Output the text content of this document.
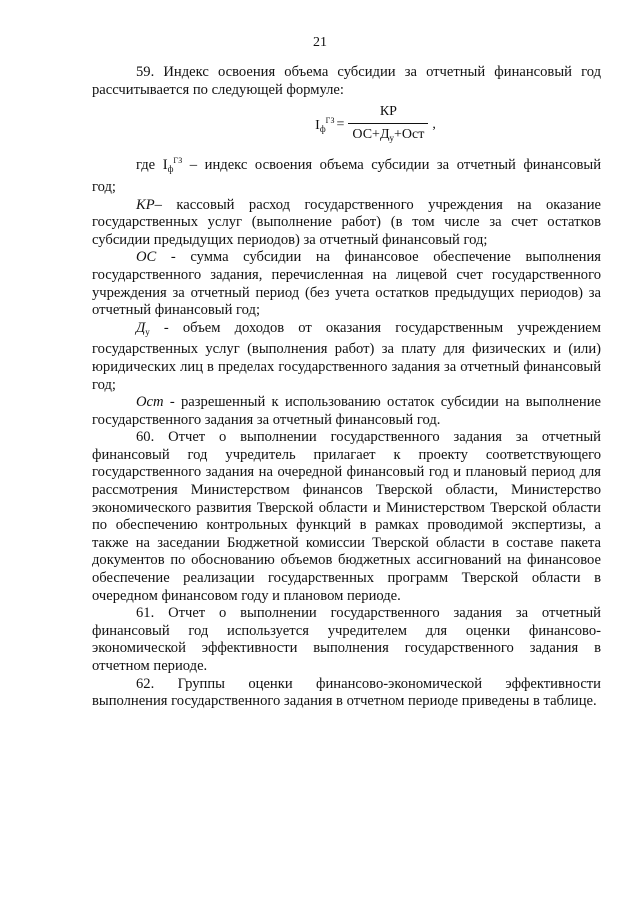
21

59. Индекс освоения объема субсидии за отчетный финансовый год

рассчитывается по следующей формуле:

$I_ф^{ГЗ} = \frac{КР}{ОС+Д_у+Ост}$ ,

где $I_ф^{ГЗ}$ – индекс освоения объема субсидии за отчетный финансовый

год;

КР– кассовый расход государственного учреждения на оказание государственных услуг (выполнение работ) (в том числе за счет остатков субсидии предыдущих периодов) за отчетный финансовый год;

ОС - сумма субсидии на финансовое обеспечение выполнения государственного задания, перечисленная на лицевой счет государственного учреждения за отчетный период (без учета остатков предыдущих периодов) за отчетный финансовый год;

$Д_у$ - объем доходов от оказания государственным учреждением государственных услуг (выполнения работ) за плату для физических и (или) юридических лиц в пределах государственного задания за отчетный финансовый год;

Ост - разрешенный к использованию остаток субсидии на выполнение государственного задания за отчетный финансовый год.

60. Отчет о выполнении государственного задания за отчетный финансовый год учредитель прилагает к проекту соответствующего государственного задания на очередной финансовый год и плановый период для рассмотрения Министерством финансов Тверской области, Министерство экономического развития Тверской области и Министерством Тверской области по обеспечению контрольных функций в рамках проводимой экспертизы, а также на заседании Бюджетной комиссии Тверской области в составе пакета документов по обоснованию объемов бюджетных ассигнований на финансовое обеспечение реализации государственных программ Тверской области в очередном финансовом году и плановом периоде.

61. Отчет о выполнении государственного задания за отчетный финансовый год используется учредителем для оценки финансово-экономической эффективности выполнения государственного задания в отчетном периоде.

62. Группы оценки финансово-экономической эффективности выполнения государственного задания в отчетном периоде приведены в таблице.
